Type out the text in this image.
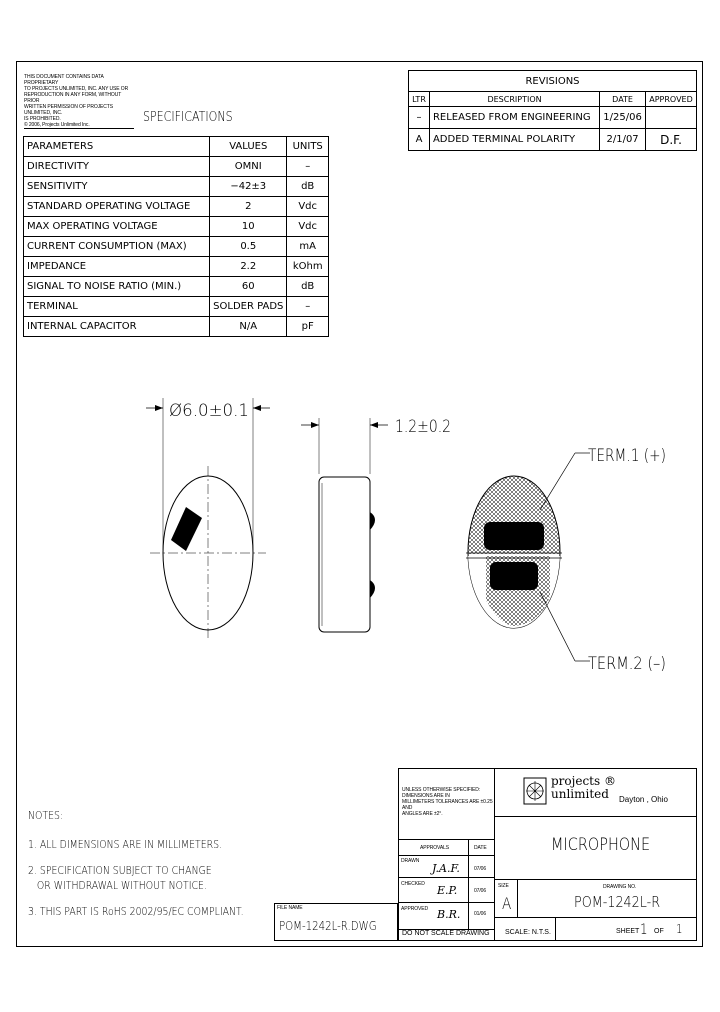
THIS DOCUMENT CONTAINS DATA PROPRIETARY
TO PROJECTS UNLIMITED, INC. ANY USE OR
REPRODUCTION IN ANY FORM, WITHOUT PRIOR
WRITTEN PERMISSION OF PROJECTS UNLIMITED, INC.
IS PROHIBITED.
© 2006, Projects Unlimited Inc.	SPECIFICATIONS
PARAMETERS	VALUES	UNITS
DIRECTIVITY	OMNI	–
SENSITIVITY	−42±3	dB
STANDARD OPERATING VOLTAGE	2	Vdc
MAX OPERATING VOLTAGE	10	Vdc
CURRENT CONSUMPTION (MAX)	0.5	mA
IMPEDANCE	2.2	kOhm
SIGNAL TO NOISE RATIO (MIN.)	60	dB
TERMINAL	SOLDER PADS	–
INTERNAL CAPACITOR	N/A	pF
REVISIONS			
LTR	DESCRIPTION	DATE	APPROVED
–	RELEASED FROM ENGINEERING	1/25/06	
A	ADDED TERMINAL POLARITY	2/1/07	D.F.
Ø6.0±0.1
1.2±0.2
TERM.1 (+)
TERM.2 (–)
NOTES:
1. ALL DIMENSIONS ARE IN MILLIMETERS.
2. SPECIFICATION SUBJECT TO CHANGE
OR WITHDRAWAL WITHOUT NOTICE.
3. THIS PART IS RoHS 2002/95/EC COMPLIANT.	FILE NAME
POM-1242L-R.DWG
UNLESS OTHERWISE SPECIFIED:
DIMENSIONS ARE IN
MILLIMETERS TOLERANCES ARE ±0.25 AND
ANGLES ARE ±2°.
projects ®
unlimited	Dayton , Ohio
APPROVALS	DATE
DRAWN
J.A.F.	07/06
CHECKED E.P.	07/06
APPROVED B.R.	01/06
MICROPHONE
SIZE
A
DRAWING NO.
POM-1242L-R
DO NOT SCALE DRAWING SCALE: N.T.S.	SHEET 1 OF 1
